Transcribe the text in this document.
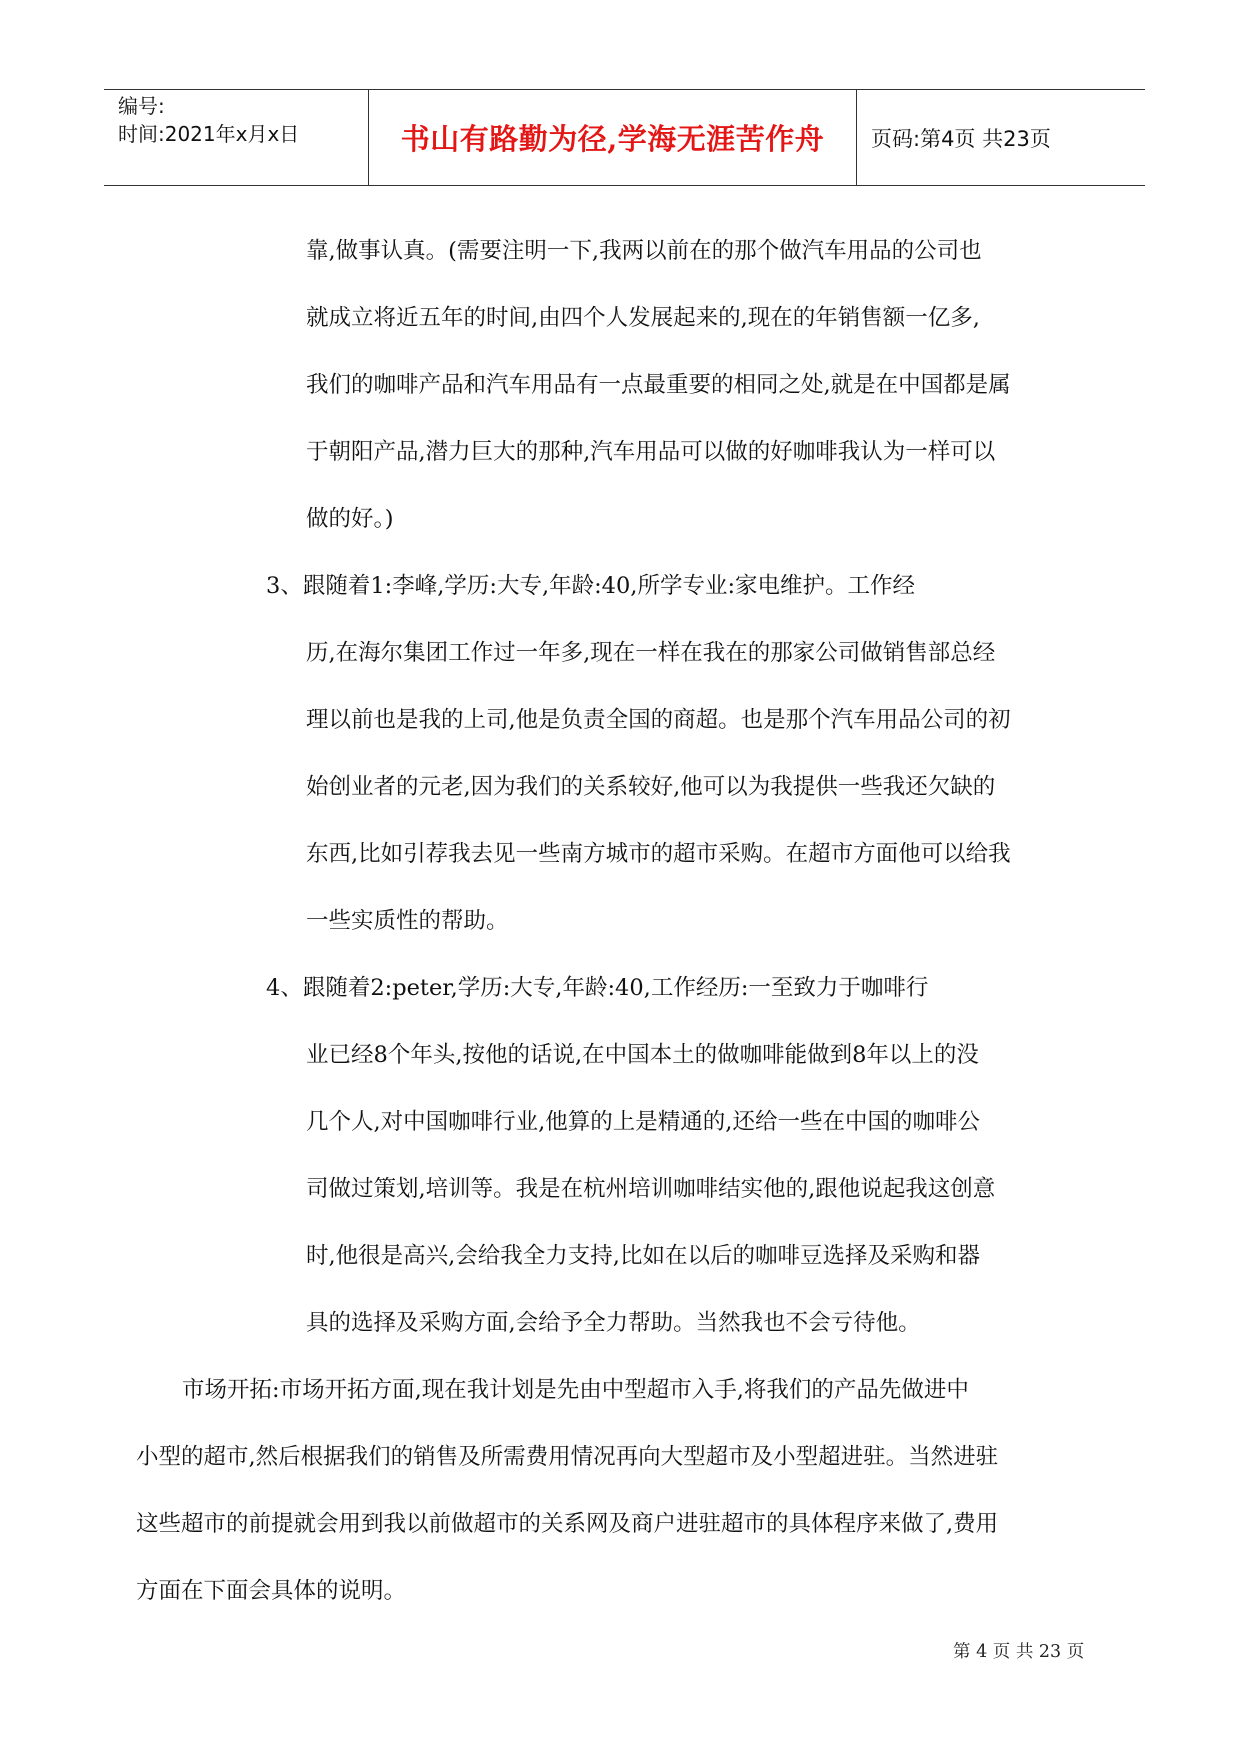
编号:
时间:2021年x月x日	书山有路勤为径,学海无涯苦作舟 页码:第4页 共23页
靠,做事认真。(需要注明一下,我两以前在的那个做汽车用品的公司也
就成立将近五年的时间,由四个人发展起来的,现在的年销售额一亿多,
我们的咖啡产品和汽车用品有一点最重要的相同之处,就是在中国都是属
于朝阳产品,潜力巨大的那种,汽车用品可以做的好咖啡我认为一样可以
做的好。)
3、跟随着1:李峰,学历:大专,年龄:40,所学专业:家电维护。工作经
历,在海尔集团工作过一年多,现在一样在我在的那家公司做销售部总经
理以前也是我的上司,他是负责全国的商超。也是那个汽车用品公司的初
始创业者的元老,因为我们的关系较好,他可以为我提供一些我还欠缺的
东西,比如引荐我去见一些南方城市的超市采购。在超市方面他可以给我
一些实质性的帮助。
4、跟随着2:peter,学历:大专,年龄:40,工作经历:一至致力于咖啡行
业已经8个年头,按他的话说,在中国本土的做咖啡能做到8年以上的没
几个人,对中国咖啡行业,他算的上是精通的,还给一些在中国的咖啡公
司做过策划,培训等。我是在杭州培训咖啡结实他的,跟他说起我这创意
时,他很是高兴,会给我全力支持,比如在以后的咖啡豆选择及采购和器
具的选择及采购方面,会给予全力帮助。当然我也不会亏待他。
市场开拓:市场开拓方面,现在我计划是先由中型超市入手,将我们的产品先做进中
小型的超市,然后根据我们的销售及所需费用情况再向大型超市及小型超进驻。当然进驻
这些超市的前提就会用到我以前做超市的关系网及商户进驻超市的具体程序来做了,费用
方面在下面会具体的说明。
第 4 页 共 23 页
